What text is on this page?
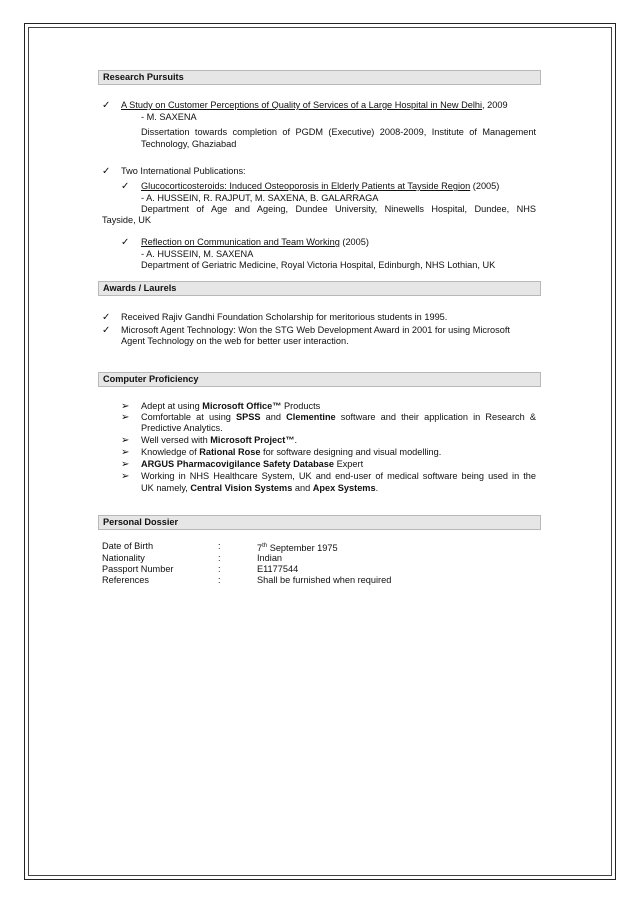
Research Pursuits
✓ A Study on Customer Perceptions of Quality of Services of a Large Hospital in New Delhi, 2009
- M. SAXENA
Dissertation towards completion of PGDM (Executive) 2008-2009, Institute of Management
Technology, Ghaziabad
✓ Two International Publications:
✓ Glucocorticosteroids: Induced Osteoporosis in Elderly Patients at Tayside Region (2005)
- A. HUSSEIN, R. RAJPUT, M. SAXENA, B. GALARRAGA
Department of Age and Ageing, Dundee University, Ninewells Hospital, Dundee, NHS
Tayside, UK
✓ Reflection on Communication and Team Working (2005)
- A. HUSSEIN, M. SAXENA
Department of Geriatric Medicine, Royal Victoria Hospital, Edinburgh, NHS Lothian, UK
Awards / Laurels
✓ Received Rajiv Gandhi Foundation Scholarship for meritorious students in 1995.
✓ Microsoft Agent Technology: Won the STG Web Development Award in 2001 for using Microsoft
Agent Technology on the web for better user interaction.
Computer Proficiency
➢ Adept at using Microsoft Office™ Products
➢ Comfortable at using SPSS and Clementine software and their application in Research &
Predictive Analytics.
➢ Well versed with Microsoft Project™.
➢ Knowledge of Rational Rose for software designing and visual modelling.
➢ ARGUS Pharmacovigilance Safety Database Expert
➢ Working in NHS Healthcare System, UK and end-user of medical software being used in the
UK namely, Central Vision Systems and Apex Systems.
Personal Dossier
Date of Birth	:	7th September 1975
Nationality	:	Indian
Passport Number	:	E1177544
References	:	Shall be furnished when required
